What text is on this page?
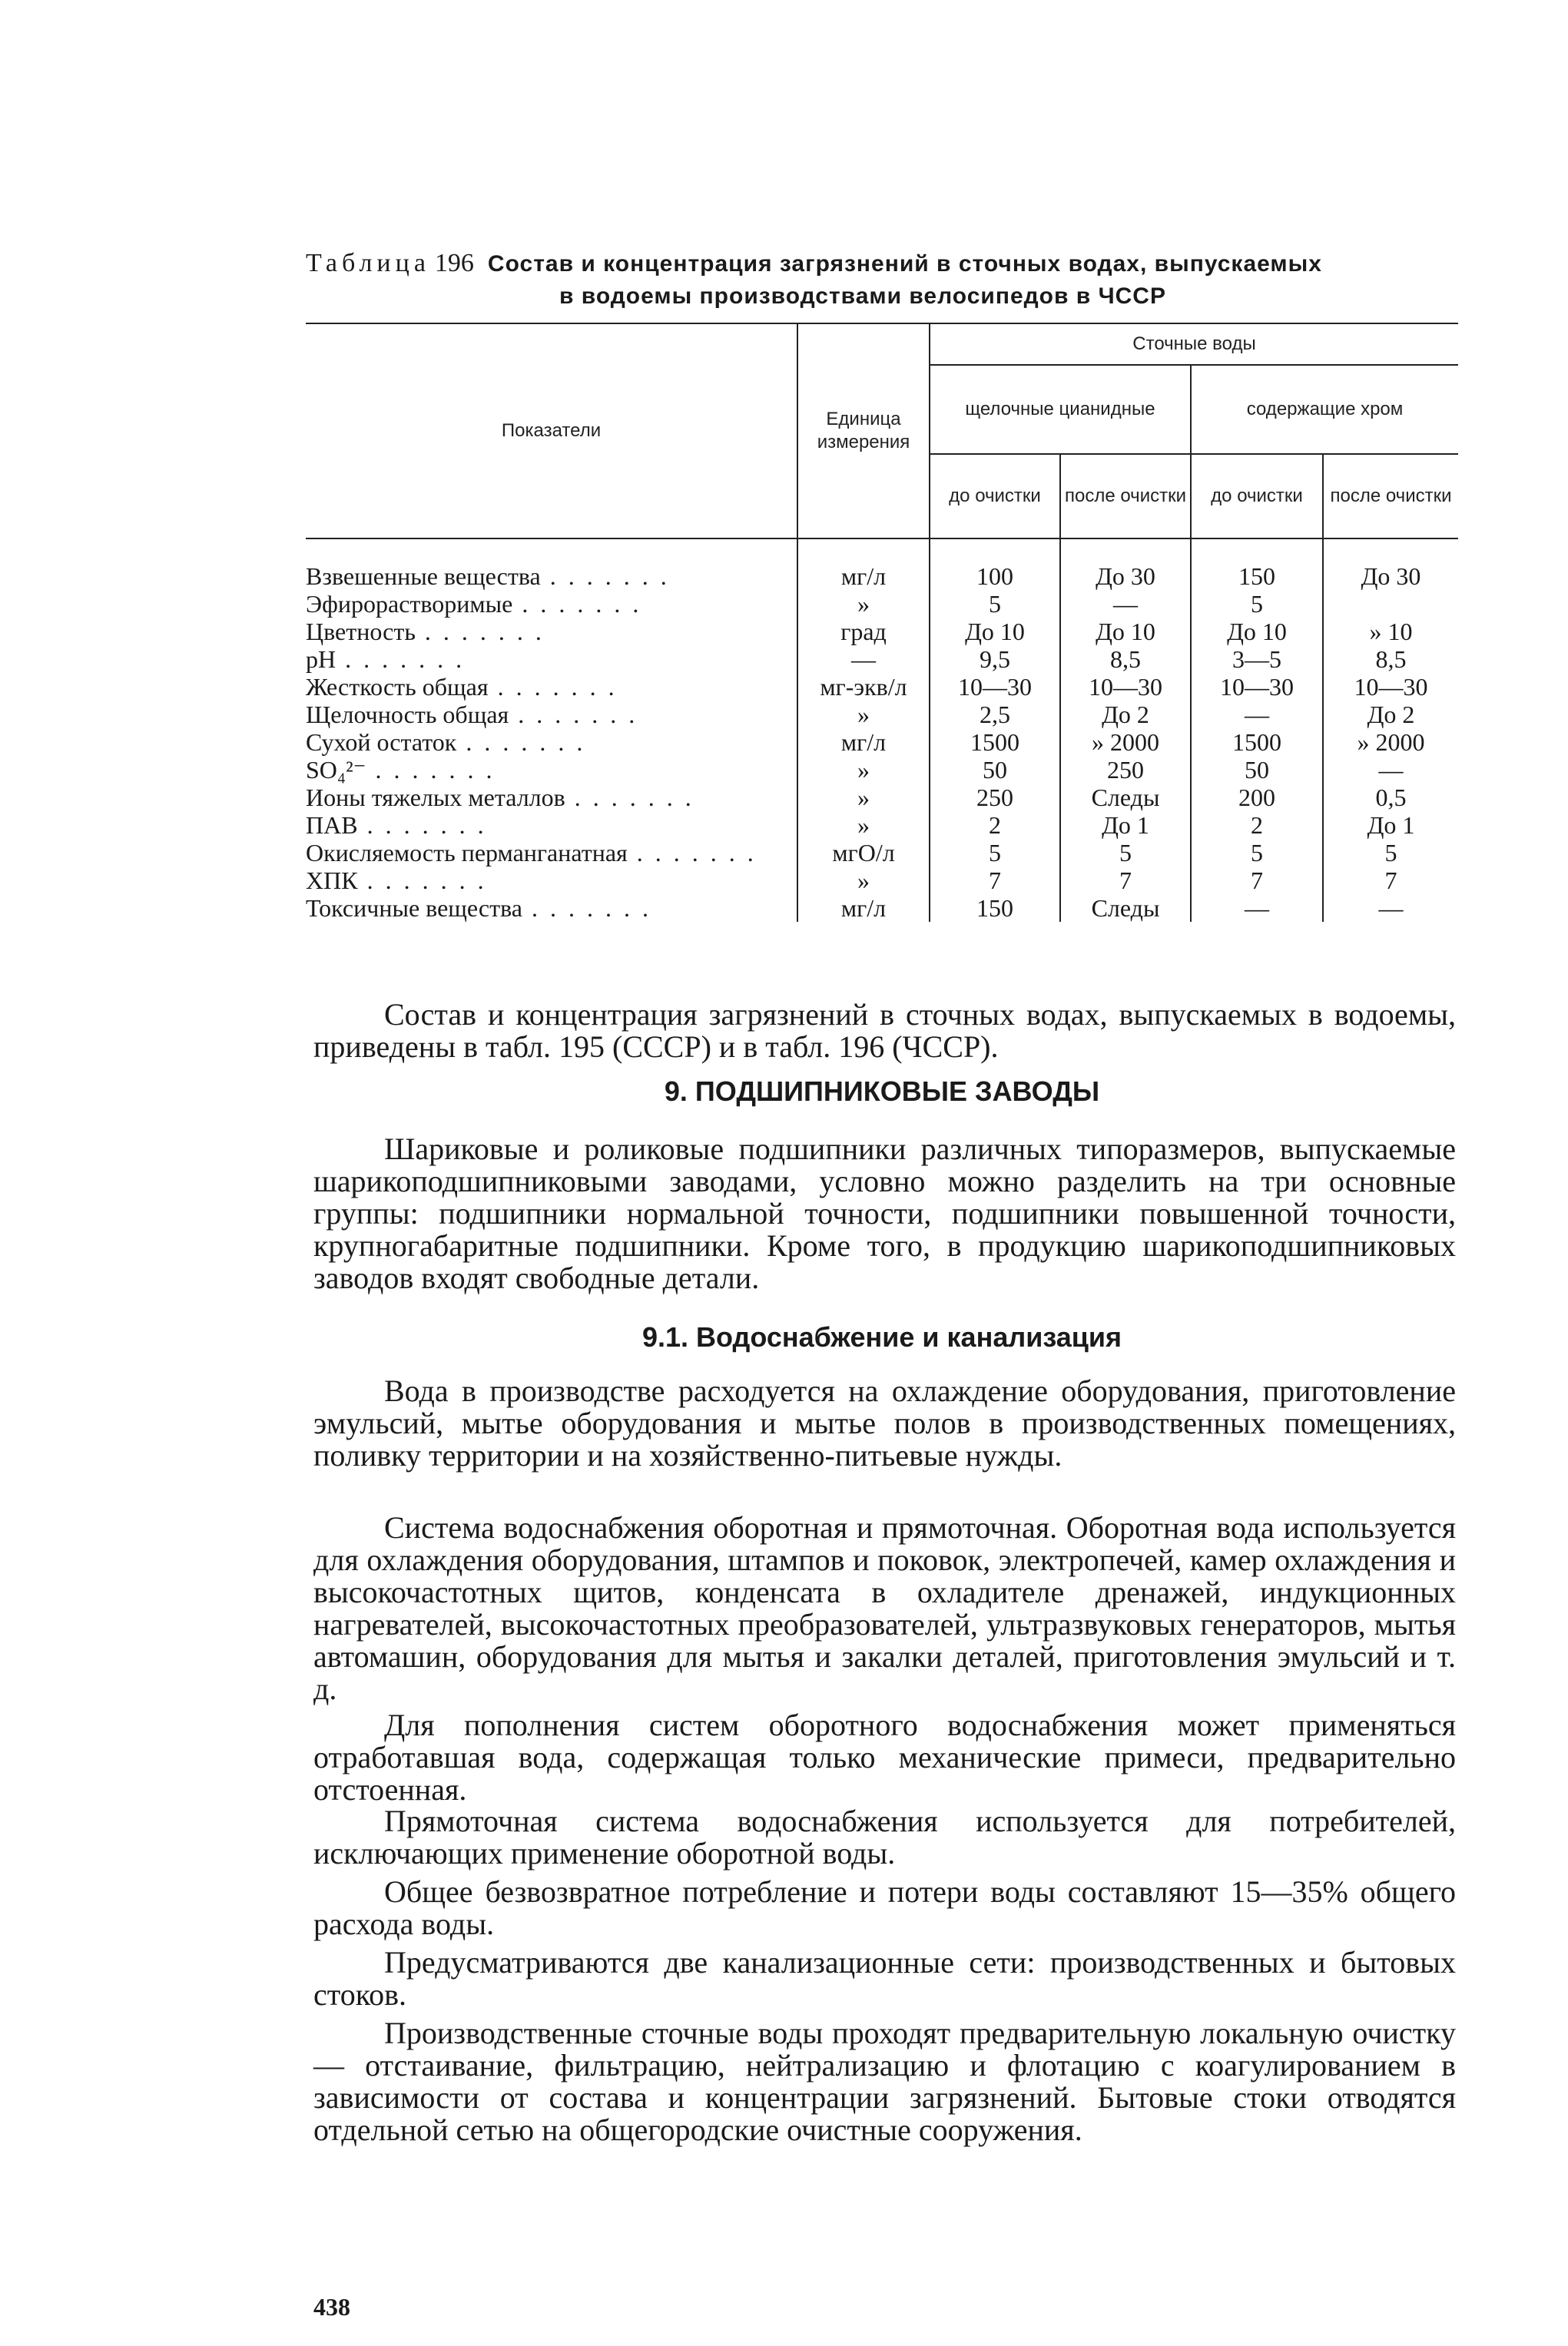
Таблица 196 Состав и концентрация загрязнений в сточных водах, выпускаемых
в водоемы производствами велосипедов в ЧССР
Показатели	Единица измерения	Сточные воды			
		щелочные цианидные		содержащие хром	
		до очистки	после очистки	до очистки	после очистки
Взвешенные вещества . . . . . . .	мг/л	100	До 30	150	До 30
Эфирорастворимые . . . . . . .	»	5	—	5	
Цветность . . . . . . .	град	До 10	До 10	До 10	» 10
pH . . . . . . .	—	9,5	8,5	3—5	8,5
Жесткость общая . . . . . . .	мг-экв/л	10—30	10—30	10—30	10—30
Щелочность общая . . . . . . .	»	2,5	До 2	—	До 2
Сухой остаток . . . . . . .	мг/л	1500	» 2000	1500	» 2000
SO₄²⁻ . . . . . . .	»	50	250	50	—
Ионы тяжелых металлов . . . . . . .	»	250	Следы	200	0,5
ПАВ . . . . . . .	»	2	До 1	2	До 1
Окисляемость перманганатная . . . . . . .	мгО/л	5	5	5	5
ХПК . . . . . . .	»	7	7	7	7
Токсичные вещества . . . . . . .	мг/л	150	Следы	—	—
Состав и концентрация загрязнений в сточных водах, выпускаемых в водоемы, приведены в табл. 195 (СССР) и в табл. 196 (ЧССР).
9. ПОДШИПНИКОВЫЕ ЗАВОДЫ
Шариковые и роликовые подшипники различных типоразмеров, выпускаемые шарикоподшипниковыми заводами, условно можно разделить на три основные группы: подшипники нормальной точности, подшипники повышенной точности, крупногабаритные подшипники. Кроме того, в продукцию шарикоподшипниковых заводов входят свободные детали.
9.1. Водоснабжение и канализация
Вода в производстве расходуется на охлаждение оборудования, приготовление эмульсий, мытье оборудования и мытье полов в производственных помещениях, поливку территории и на хозяйственно-питьевые нужды.
Система водоснабжения оборотная и прямоточная. Оборотная вода используется для охлаждения оборудования, штампов и поковок, электропечей, камер охлаждения и высокочастотных щитов, конденсата в охладителе дренажей, индукционных нагревателей, высокочастотных преобразователей, ультразвуковых генераторов, мытья автомашин, оборудования для мытья и закалки деталей, приготовления эмульсий и т. д.
Для пополнения систем оборотного водоснабжения может применяться отработавшая вода, содержащая только механические примеси, предварительно отстоенная.
Прямоточная система водоснабжения используется для потребителей, исключающих применение оборотной воды.
Общее безвозвратное потребление и потери воды составляют 15—35% общего расхода воды.
Предусматриваются две канализационные сети: производственных и бытовых стоков.
Производственные сточные воды проходят предварительную локальную очистку — отстаивание, фильтрацию, нейтрализацию и флотацию с коагулированием в зависимости от состава и концентрации загрязнений. Бытовые стоки отводятся отдельной сетью на общегородские очистные сооружения.
438
